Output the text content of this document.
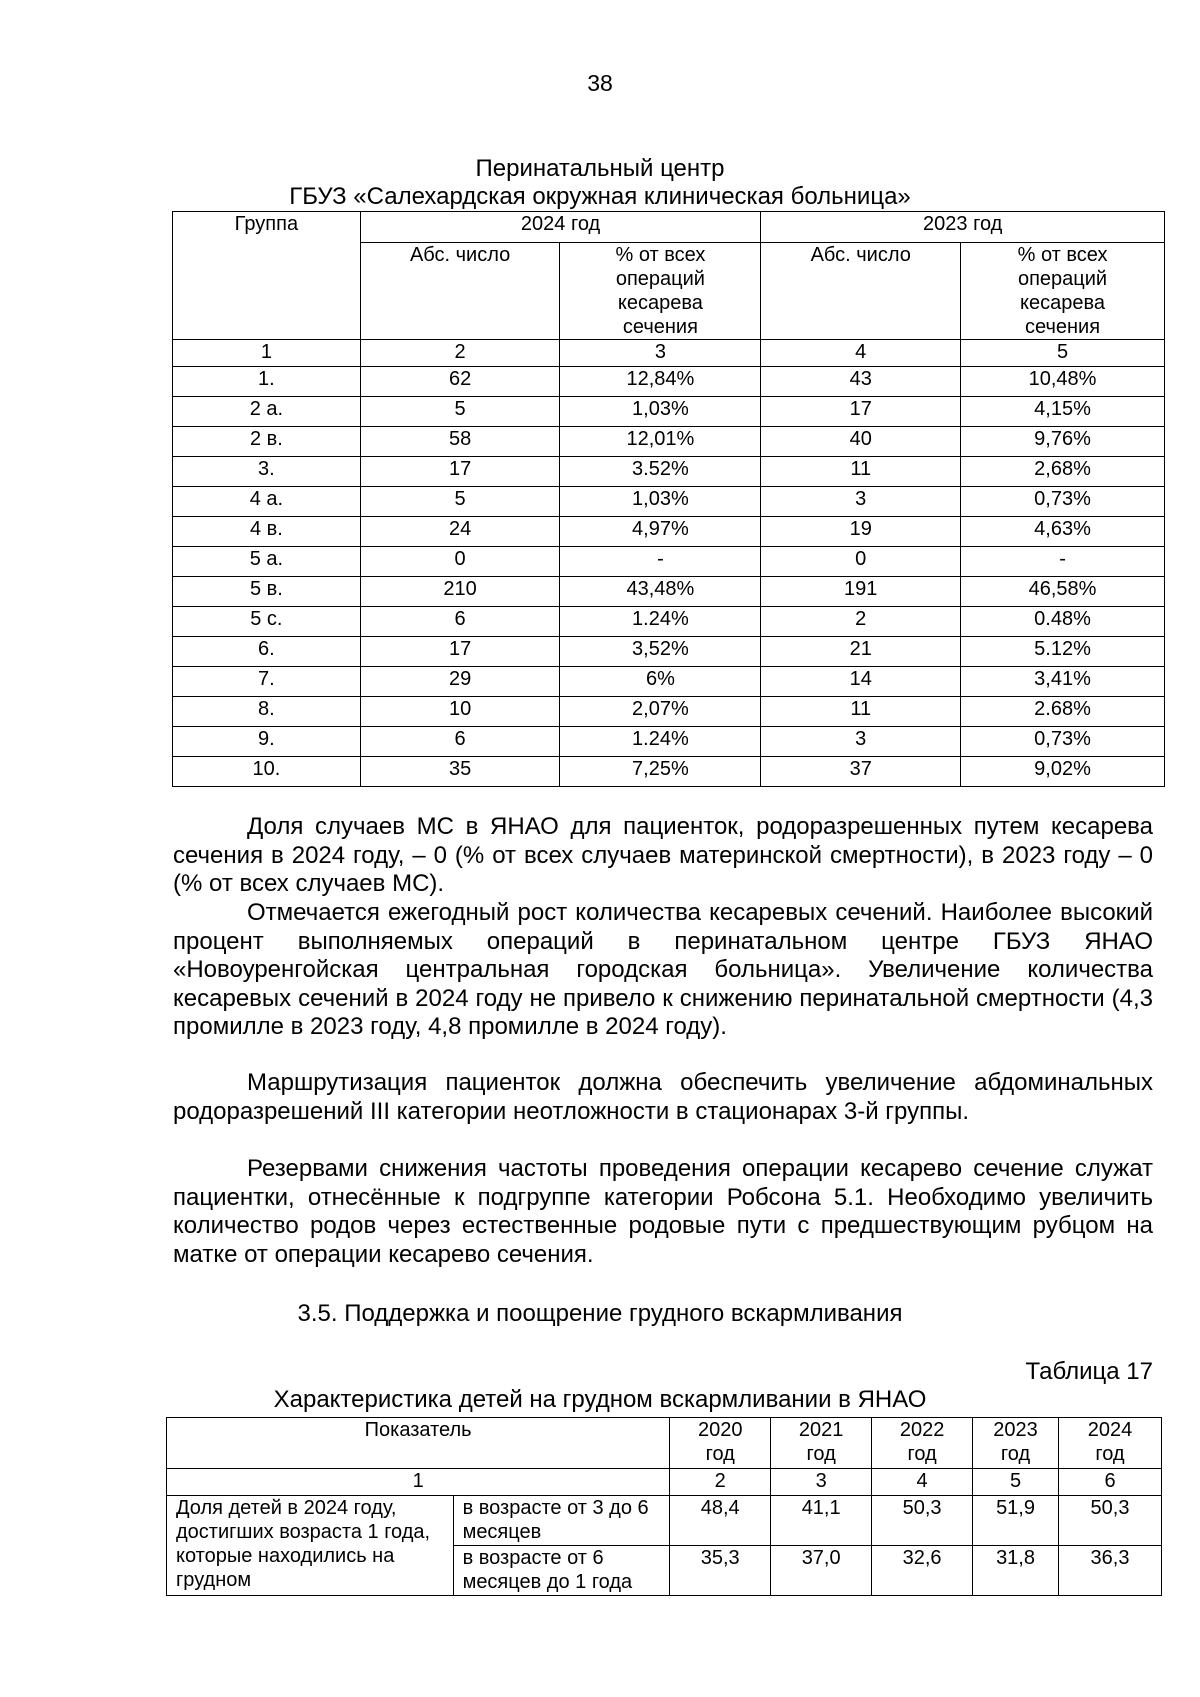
38
Перинатальный центр
ГБУЗ «Салехардская окружная клиническая больница»
Группа	2024 год		2023 год	
	Абс. число	% от всех операций кесарева сечения	Абс. число	% от всех операций кесарева сечения
1	2	3	4	5
1.	62	12,84%	43	10,48%
2 а.	5	1,03%	17	4,15%
2 в.	58	12,01%	40	9,76%
3.	17	3.52%	11	2,68%
4 а.	5	1,03%	3	0,73%
4 в.	24	4,97%	19	4,63%
5 а.	0	-	0	-
5 в.	210	43,48%	191	46,58%
5 с.	6	1.24%	2	0.48%
6.	17	3,52%	21	5.12%
7.	29	6%	14	3,41%
8.	10	2,07%	11	2.68%
9.	6	1.24%	3	0,73%
10.	35	7,25%	37	9,02%

Доля случаев МС в ЯНАО для пациенток, родоразрешенных путем кесарева сечения в 2024 году, – 0 (% от всех случаев материнской смертности), в 2023 году – 0 (% от всех случаев МС).

Отмечается ежегодный рост количества кесаревых сечений. Наиболее высокий процент выполняемых операций в перинатальном центре ГБУЗ ЯНАО «Новоуренгойская центральная городская больница». Увеличение количества кесаревых сечений в 2024 году не привело к снижению перинатальной смертности (4,3 промилле в 2023 году, 4,8 промилле в 2024 году).

Маршрутизация пациенток должна обеспечить увеличение абдоминальных родоразрешений III категории неотложности в стационарах 3-й группы.

Резервами снижения частоты проведения операции кесарево сечение служат пациентки, отнесённые к подгруппе категории Робсона 5.1. Необходимо увеличить количество родов через естественные родовые пути с предшествующим рубцом на матке от операции кесарево сечения.

3.5. Поддержка и поощрение грудного вскармливания
Таблица 17
Характеристика детей на грудном вскармливании в ЯНАО
Показатель		2020 год	2021 год	2022 год	2023 год	2024 год
1		2	3	4	5	6
Доля детей в 2024 году, достигших возраста 1 года, которые находились на грудном	в возрасте от 3 до 6 месяцев	48,4	41,1	50,3	51,9	50,3
	в возрасте от 6 месяцев до 1 года	35,3	37,0	32,6	31,8	36,3
